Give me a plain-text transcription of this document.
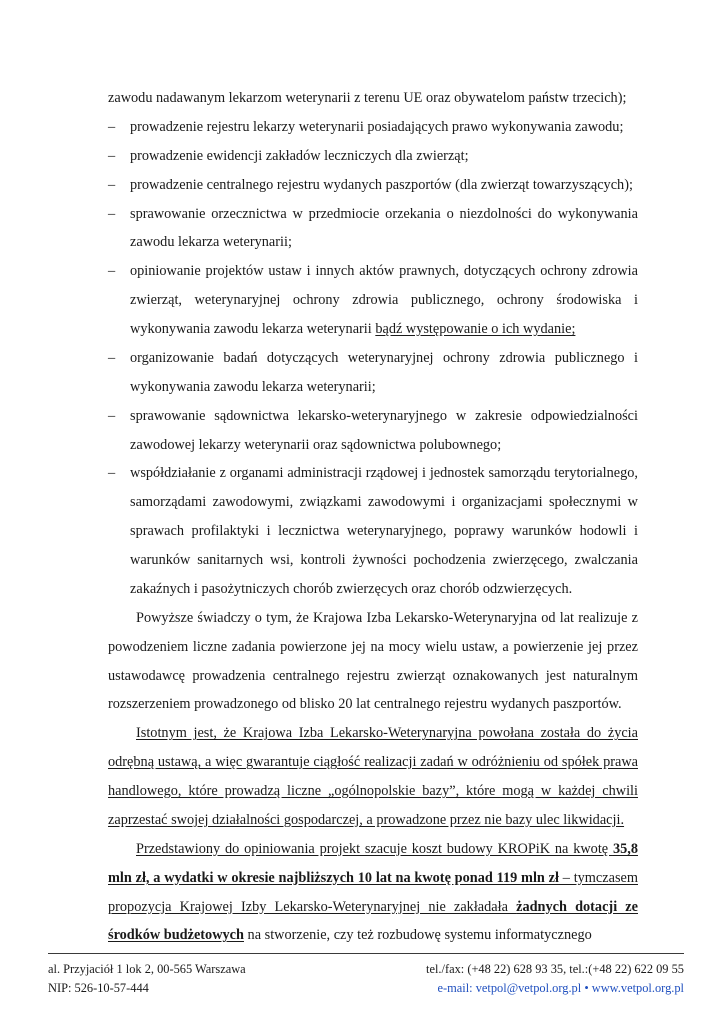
zawodu nadawanym lekarzom weterynarii z terenu UE oraz obywatelom państw trzecich);

– prowadzenie rejestru lekarzy weterynarii posiadających prawo wykonywania zawodu;
– prowadzenie ewidencji zakładów leczniczych dla zwierząt;
– prowadzenie centralnego rejestru wydanych paszportów (dla zwierząt towarzyszących);
– sprawowanie orzecznictwa w przedmiocie orzekania o niezdolności do wykonywania zawodu lekarza weterynarii;
– opiniowanie projektów ustaw i innych aktów prawnych, dotyczących ochrony zdrowia zwierząt, weterynaryjnej ochrony zdrowia publicznego, ochrony środowiska i wykonywania zawodu lekarza weterynarii bądź występowanie o ich wydanie;
– organizowanie badań dotyczących weterynaryjnej ochrony zdrowia publicznego i wykonywania zawodu lekarza weterynarii;
– sprawowanie sądownictwa lekarsko-weterynaryjnego w zakresie odpowiedzialności zawodowej lekarzy weterynarii oraz sądownictwa polubownego;
– współdziałanie z organami administracji rządowej i jednostek samorządu terytorialnego, samorządami zawodowymi, związkami zawodowymi i organizacjami społecznymi w sprawach profilaktyki i lecznictwa weterynaryjnego, poprawy warunków hodowli i warunków sanitarnych wsi, kontroli żywności pochodzenia zwierzęcego, zwalczania zakaźnych i pasożytniczych chorób zwierzęcych oraz chorób odzwierzęcych.

Powyższe świadczy o tym, że Krajowa Izba Lekarsko-Weterynaryjna od lat realizuje z powodzeniem liczne zadania powierzone jej na mocy wielu ustaw, a powierzenie jej przez ustawodawcę prowadzenia centralnego rejestru zwierząt oznakowanych jest naturalnym rozszerzeniem prowadzonego od blisko 20 lat centralnego rejestru wydanych paszportów.

Istotnym jest, że Krajowa Izba Lekarsko-Weterynaryjna powołana została do życia odrębną ustawą, a więc gwarantuje ciągłość realizacji zadań w odróżnieniu od spółek prawa handlowego, które prowadzą liczne „ogólnopolskie bazy”, które mogą w każdej chwili zaprzestać swojej działalności gospodarczej, a prowadzone przez nie bazy ulec likwidacji.

Przedstawiony do opiniowania projekt szacuje koszt budowy KROPiK na kwotę 35,8 mln zł, a wydatki w okresie najbliższych 10 lat na kwotę ponad 119 mln zł – tymczasem propozycja Krajowej Izby Lekarsko-Weterynaryjnej nie zakładała żadnych dotacji ze środków budżetowych na stworzenie, czy też rozbudowę systemu informatycznego

al. Przyjaciół 1 lok 2, 00-565 Warszawa	tel./fax: (+48 22) 628 93 35, tel.:(+48 22) 622 09 55
NIP: 526-10-57-444	e-mail: vetpol@vetpol.org.pl • www.vetpol.org.pl
